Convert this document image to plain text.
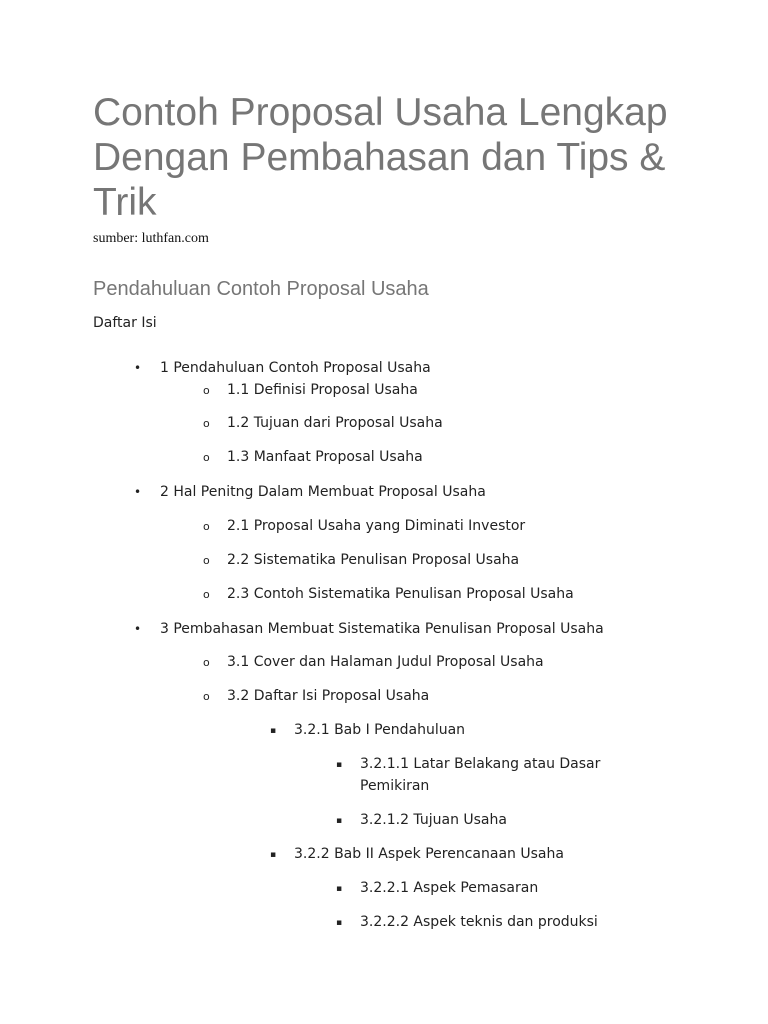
Contoh Proposal Usaha Lengkap Dengan Pembahasan dan Tips & Trik
sumber: luthfan.com
Pendahuluan Contoh Proposal Usaha
Daftar Isi
• 1 Pendahuluan Contoh Proposal Usaha
o 1.1 Definisi Proposal Usaha
o 1.2 Tujuan dari Proposal Usaha
o 1.3 Manfaat Proposal Usaha
• 2 Hal Penitng Dalam Membuat Proposal Usaha
o 2.1 Proposal Usaha yang Diminati Investor
o 2.2 Sistematika Penulisan Proposal Usaha
o 2.3 Contoh Sistematika Penulisan Proposal Usaha
• 3 Pembahasan Membuat Sistematika Penulisan Proposal Usaha
o 3.1 Cover dan Halaman Judul Proposal Usaha
o 3.2 Daftar Isi Proposal Usaha
▪ 3.2.1 Bab I Pendahuluan
▪ 3.2.1.1 Latar Belakang atau Dasar Pemikiran
▪ 3.2.1.2 Tujuan Usaha
▪ 3.2.2 Bab II Aspek Perencanaan Usaha
▪ 3.2.2.1 Aspek Pemasaran
▪ 3.2.2.2 Aspek teknis dan produksi
